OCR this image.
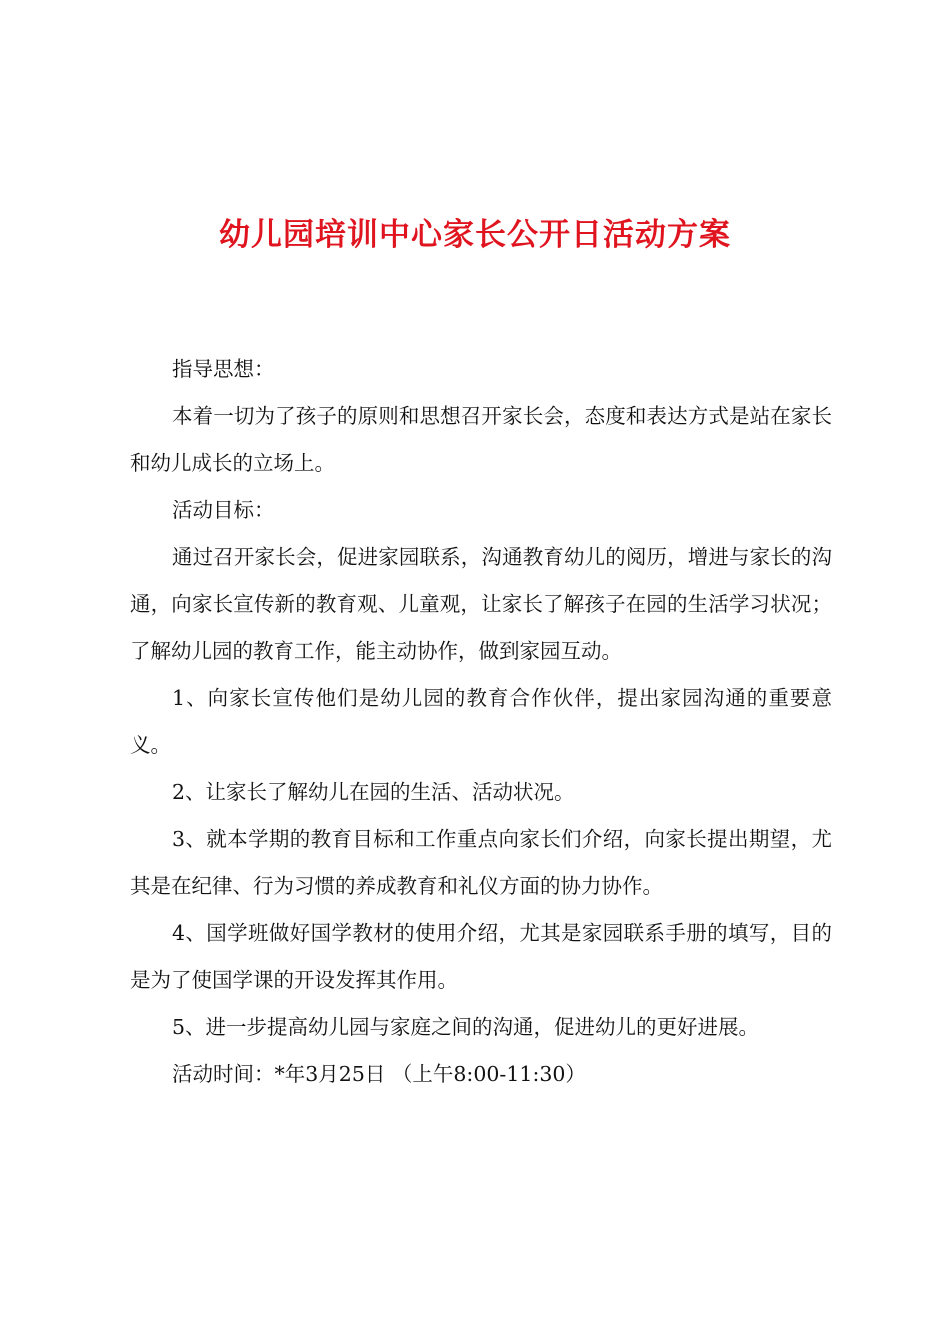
幼儿园培训中心家长公开日活动方案

指导思想：

本着一切为了孩子的原则和思想召开家长会，态度和表达方式是站在家长和幼儿成长的立场上。

活动目标：

通过召开家长会，促进家园联系，沟通教育幼儿的阅历，增进与家长的沟通，向家长宣传新的教育观、儿童观，让家长了解孩子在园的生活学习状况；了解幼儿园的教育工作，能主动协作，做到家园互动。

1、向家长宣传他们是幼儿园的教育合作伙伴，提出家园沟通的重要意义。

2、让家长了解幼儿在园的生活、活动状况。

3、就本学期的教育目标和工作重点向家长们介绍，向家长提出期望，尤其是在纪律、行为习惯的养成教育和礼仪方面的协力协作。

4、国学班做好国学教材的使用介绍，尤其是家园联系手册的填写，目的是为了使国学课的开设发挥其作用。

5、进一步提高幼儿园与家庭之间的沟通，促进幼儿的更好进展。

活动时间：*年3月25日 （上午8:00-11:30）
